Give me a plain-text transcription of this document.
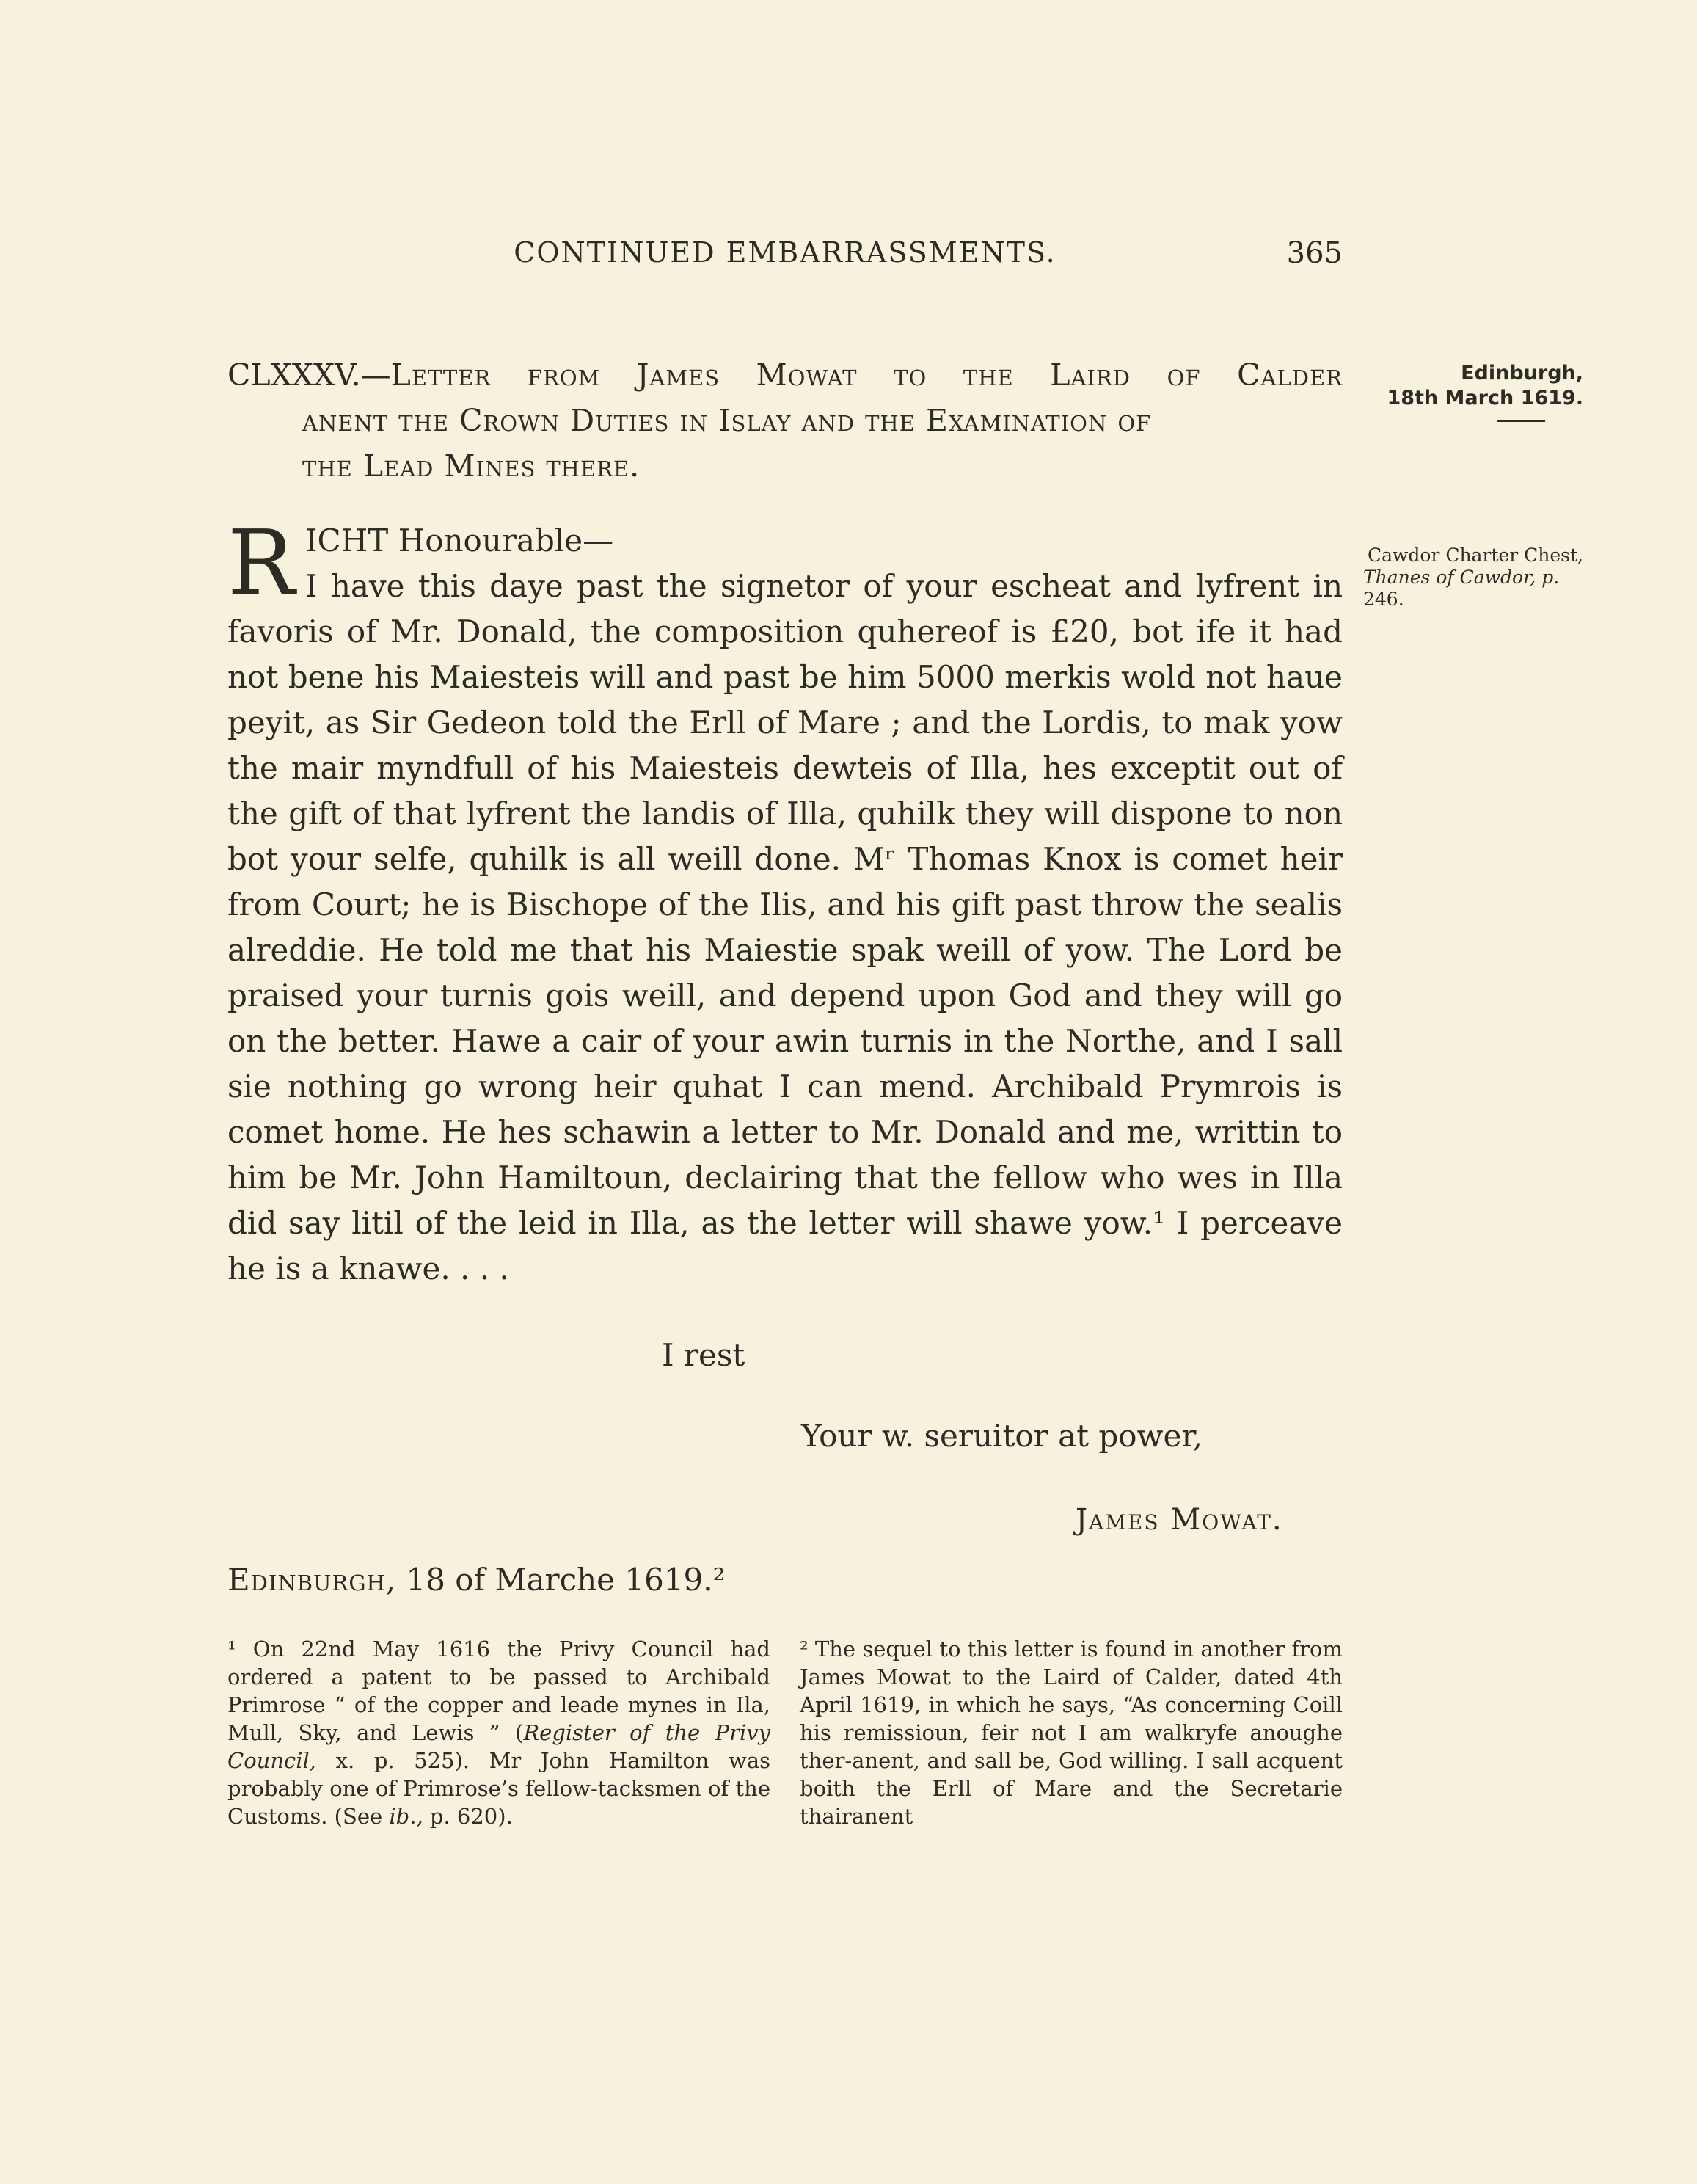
CONTINUED EMBARRASSMENTS.	365
CLXXXV.—Letter from James Mowat to the Laird of Calder
anent the Crown Duties in Islay and the Examination of
the Lead Mines there.
Edinburgh,
18th March 1619.
Cawdor Charter Chest,
Thanes of Cawdor, p.
246.
R ICHT Honourable—

I have this daye past the signetor of your escheat and lyfrent in favoris of Mr. Donald, the composition quhereof is £20, bot ife it had not bene his Maiesteis will and past be him 5000 merkis wold not haue peyit, as Sir Gedeon told the Erll of Mare ; and the Lordis, to mak yow the mair myndfull of his Maiesteis dewteis of Illa, hes exceptit out of the gift of that lyfrent the landis of Illa, quhilk they will dispone to non bot your selfe, quhilk is all weill done. Mʳ Thomas Knox is comet heir from Court; he is Bischope of the Ilis, and his gift past throw the sealis alreddie. He told me that his Maiestie spak weill of yow. The Lord be praised your turnis gois weill, and depend upon God and they will go on the better. Hawe a cair of your awin turnis in the Northe, and I sall sie nothing go wrong heir quhat I can mend. Archibald Prymrois is comet home. He hes schawin a letter to Mr. Donald and me, writtin to him be Mr. John Hamiltoun, declairing that the fellow who wes in Illa did say litil of the leid in Illa, as the letter will shawe yow.¹ I perceave he is a knawe. . . .

I rest
Your w. seruitor at power,
James Mowat.
Edinburgh, 18 of Marche 1619.²
¹ On 22nd May 1616 the Privy Council had ordered a patent to be passed to Archibald Primrose “ of the copper and leade mynes in Ila, Mull, Sky, and Lewis ” (Register of the Privy Council, x. p. 525). Mr John Hamilton was probably one of Primrose’s fellow-tacksmen of the Customs. (See ib., p. 620).
² The sequel to this letter is found in another from James Mowat to the Laird of Calder, dated 4th April 1619, in which he says, “As concerning Coill his remissioun, feir not I am walkryfe anoughe ther-anent, and sall be, God willing. I sall acquent boith the Erll of Mare and the Secretarie thairanent
